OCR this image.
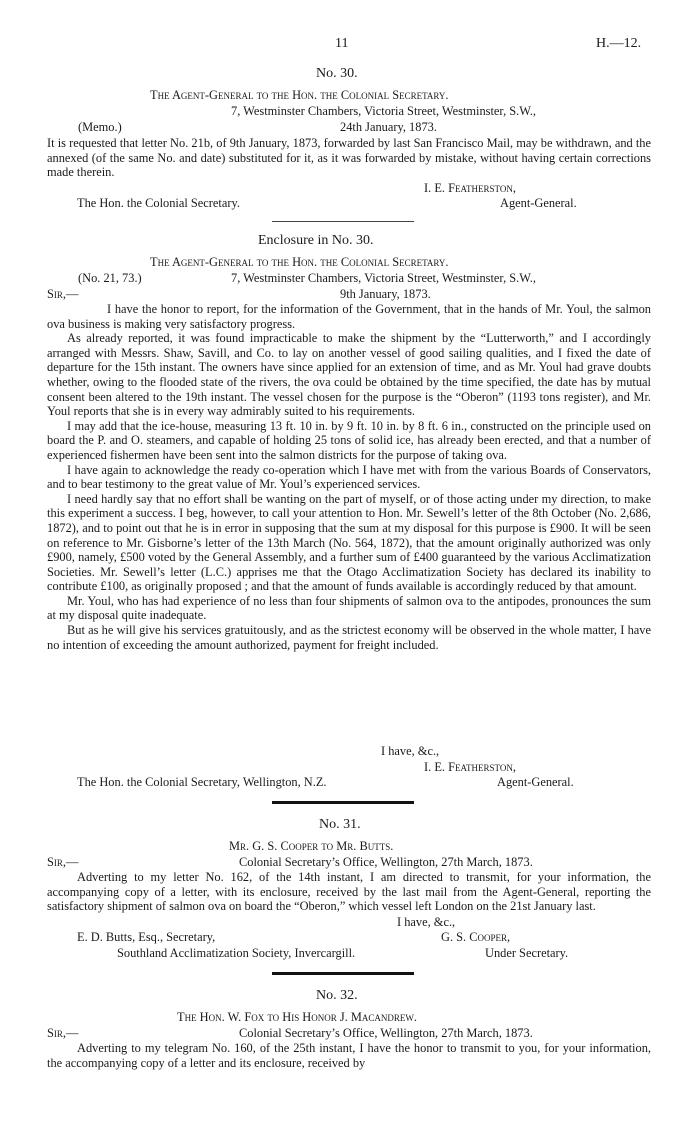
11	H.—12.
No. 30.
The Agent-General to the Hon. the Colonial Secretary.
7, Westminster Chambers, Victoria Street, Westminster, S.W.,
(Memo.)	24th January, 1873.

It is requested that letter No. 21b, of 9th January, 1873, forwarded by last San Francisco Mail, may be withdrawn, and the annexed (of the same No. and date) substituted for it, as it was forwarded by mistake, without having certain corrections made therein.

I. E. Featherston,
The Hon. the Colonial Secretary.	Agent-General.
Enclosure in No. 30.
The Agent-General to the Hon. the Colonial Secretary.
(No. 21, 73.)	7, Westminster Chambers, Victoria Street, Westminster, S.W.,
Sir,—	9th January, 1873.

I have the honor to report, for the information of the Government, that in the hands of Mr. Youl, the salmon ova business is making very satisfactory progress.

As already reported, it was found impracticable to make the shipment by the “Lutterworth,” and I accordingly arranged with Messrs. Shaw, Savill, and Co. to lay on another vessel of good sailing qualities, and I fixed the date of departure for the 15th instant. The owners have since applied for an extension of time, and as Mr. Youl had grave doubts whether, owing to the flooded state of the rivers, the ova could be obtained by the time specified, the date has by mutual consent been altered to the 19th instant. The vessel chosen for the purpose is the “Oberon” (1193 tons register), and Mr. Youl reports that she is in every way admirably suited to his requirements.

I may add that the ice-house, measuring 13 ft. 10 in. by 9 ft. 10 in. by 8 ft. 6 in., constructed on the principle used on board the P. and O. steamers, and capable of holding 25 tons of solid ice, has already been erected, and that a number of experienced fishermen have been sent into the salmon districts for the purpose of taking ova.

I have again to acknowledge the ready co-operation which I have met with from the various Boards of Conservators, and to bear testimony to the great value of Mr. Youl’s experienced services.

I need hardly say that no effort shall be wanting on the part of myself, or of those acting under my direction, to make this experiment a success. I beg, however, to call your attention to Hon. Mr. Sewell’s letter of the 8th October (No. 2,686, 1872), and to point out that he is in error in supposing that the sum at my disposal for this purpose is £900. It will be seen on reference to Mr. Gisborne’s letter of the 13th March (No. 564, 1872), that the amount originally authorized was only £900, namely, £500 voted by the General Assembly, and a further sum of £400 guaranteed by the various Acclimatization Societies. Mr. Sewell’s letter (L.C.) apprises me that the Otago Acclimatization Society has declared its inability to contribute £100, as originally proposed ; and that the amount of funds available is accordingly reduced by that amount.

Mr. Youl, who has had experience of no less than four shipments of salmon ova to the antipodes, pronounces the sum at my disposal quite inadequate.

But as he will give his services gratuitously, and as the strictest economy will be observed in the whole matter, I have no intention of exceeding the amount authorized, payment for freight included.

I have, &c.,
I. E. Featherston,
The Hon. the Colonial Secretary, Wellington, N.Z.	Agent-General.
No. 31.
Mr. G. S. Cooper to Mr. Butts.
Sir,—	Colonial Secretary’s Office, Wellington, 27th March, 1873.

Adverting to my letter No. 162, of the 14th instant, I am directed to transmit, for your information, the accompanying copy of a letter, with its enclosure, received by the last mail from the Agent-General, reporting the satisfactory shipment of salmon ova on board the “Oberon,” which vessel left London on the 21st January last.

I have, &c.,
E. D. Butts, Esq., Secretary,	G. S. Cooper,
Southland Acclimatization Society, Invercargill.	Under Secretary.
No. 32.
The Hon. W. Fox to His Honor J. Macandrew.
Sir,—	Colonial Secretary’s Office, Wellington, 27th March, 1873.

Adverting to my telegram No. 160, of the 25th instant, I have the honor to transmit to you, for your information, the accompanying copy of a letter and its enclosure, received by
